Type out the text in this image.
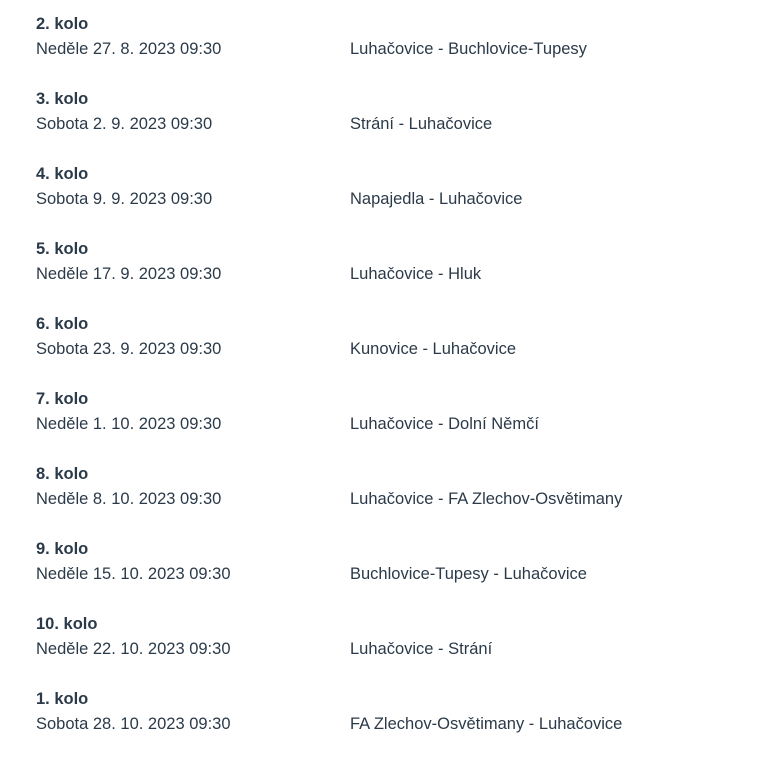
2. kolo
Neděle 27. 8. 2023 09:30	Luhačovice - Buchlovice-Tupesy
3. kolo
Sobota 2. 9. 2023 09:30	Strání - Luhačovice
4. kolo
Sobota 9. 9. 2023 09:30	Napajedla - Luhačovice
5. kolo
Neděle 17. 9. 2023 09:30	Luhačovice - Hluk
6. kolo
Sobota 23. 9. 2023 09:30	Kunovice - Luhačovice
7. kolo
Neděle 1. 10. 2023 09:30	Luhačovice - Dolní Němčí
8. kolo
Neděle 8. 10. 2023 09:30	Luhačovice - FA Zlechov-Osvětimany
9. kolo
Neděle 15. 10. 2023 09:30	Buchlovice-Tupesy - Luhačovice
10. kolo
Neděle 22. 10. 2023 09:30	Luhačovice - Strání
1. kolo
Sobota 28. 10. 2023 09:30	FA Zlechov-Osvětimany - Luhačovice
